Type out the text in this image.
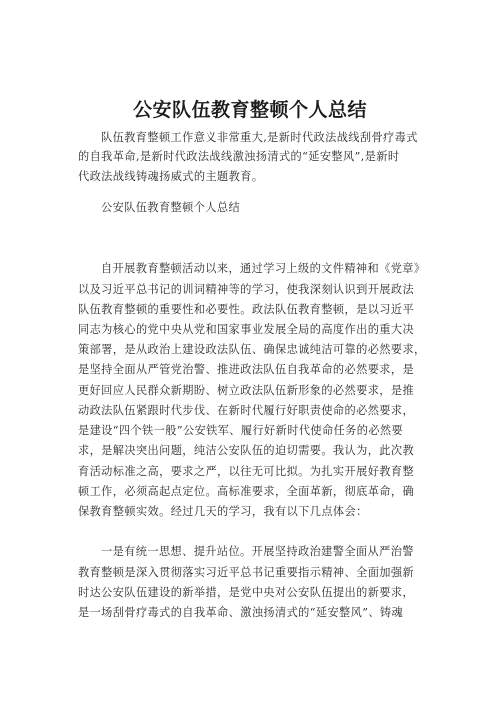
公安队伍教育整顿个人总结
队伍教育整顿工作意义非常重大,是新时代政法战线刮骨疗毒式
的自我革命,是新时代政法战线激浊扬清式的“延安整风”,是新时
代政法战线铸魂扬威式的主题教育。
公安队伍教育整顿个人总结
自开展教育整顿活动以来，通过学习上级的文件精神和《党章》
以及习近平总书记的训词精神等的学习，使我深刻认识到开展政法
队伍教育整顿的重要性和必要性。政法队伍教育整顿，是以习近平
同志为核心的党中央从党和国家事业发展全局的高度作出的重大决
策部署，是从政治上建设政法队伍、确保忠诚纯洁可靠的必然要求，
是坚持全面从严管党治警、推进政法队伍自我革命的必然要求，是
更好回应人民群众新期盼、树立政法队伍新形象的必然要求，是推
动政法队伍紧跟时代步伐、在新时代履行好职责使命的必然要求，
是建设“四个铁一般”公安铁军、履行好新时代使命任务的必然要
求，是解决突出问题，纯洁公安队伍的迫切需要。我认为，此次教
育活动标准之高，要求之严，以往无可比拟。为扎实开展好教育整
顿工作，必须高起点定位。高标准要求，全面革新，彻底革命，确
保教育整顿实效。经过几天的学习，我有以下几点体会：
一是有统一思想、提升站位。开展坚持政治建警全面从严治警
教育整顿是深入贯彻落实习近平总书记重要指示精神、全面加强新
时达公安队伍建设的新举措，是党中央对公安队伍提出的新要求，
是一场刮骨疗毒式的自我革命、激浊扬清式的“延安整风”、铸魂
